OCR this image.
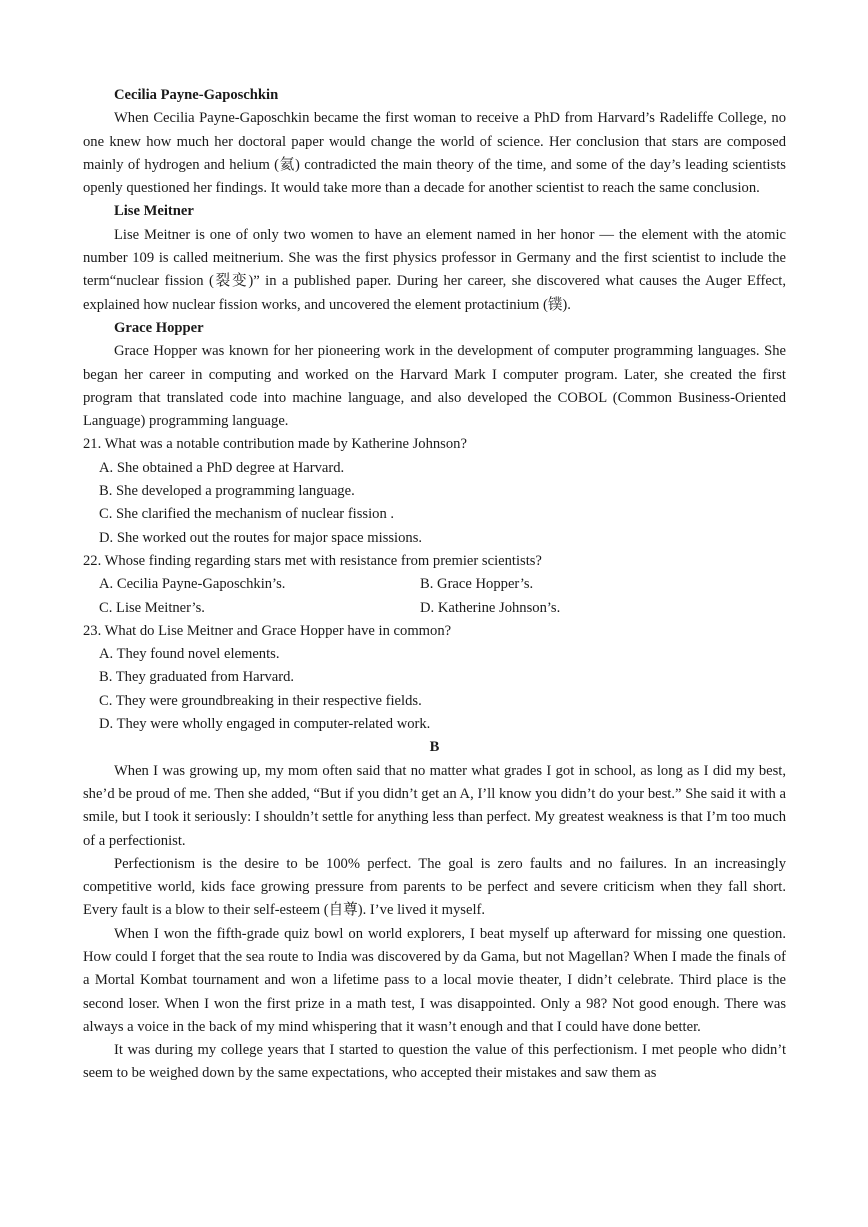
Cecilia Payne-Gaposchkin

When Cecilia Payne-Gaposchkin became the first woman to receive a PhD from Harvard’s Radeliffe College, no one knew how much her doctoral paper would change the world of science. Her conclusion that stars are composed mainly of hydrogen and helium (氦) contradicted the main theory of the time, and some of the day’s leading scientists openly questioned her findings. It would take more than a decade for another scientist to reach the same conclusion.

Lise Meitner

Lise Meitner is one of only two women to have an element named in her honor — the element with the atomic number 109 is called meitnerium. She was the first physics professor in Germany and the first scientist to include the term“nuclear fission (裂变)” in a published paper. During her career, she discovered what causes the Auger Effect, explained how nuclear fission works, and uncovered the element protactinium (镤).

Grace Hopper

Grace Hopper was known for her pioneering work in the development of computer programming languages. She began her career in computing and worked on the Harvard Mark I computer program. Later, she created the first program that translated code into machine language, and also developed the COBOL (Common Business-Oriented Language) programming language.

21. What was a notable contribution made by Katherine Johnson?

A. She obtained a PhD degree at Harvard.

B. She developed a programming language.

C. She clarified the mechanism of nuclear fission .

D. She worked out the routes for major space missions.

22. Whose finding regarding stars met with resistance from premier scientists?

A. Cecilia Payne-Gaposchkin’s.	B. Grace Hopper’s.
C. Lise Meitner’s.	D. Katherine Johnson’s.

23. What do Lise Meitner and Grace Hopper have in common?

A. They found novel elements.

B. They graduated from Harvard.

C. They were groundbreaking in their respective fields.

D. They were wholly engaged in computer-related work.

B

When I was growing up, my mom often said that no matter what grades I got in school, as long as I did my best, she’d be proud of me. Then she added, “But if you didn’t get an A, I’ll know you didn’t do your best.” She said it with a smile, but I took it seriously: I shouldn’t settle for anything less than perfect. My greatest weakness is that I’m too much of a perfectionist.

Perfectionism is the desire to be 100% perfect. The goal is zero faults and no failures. In an increasingly competitive world, kids face growing pressure from parents to be perfect and severe criticism when they fall short. Every fault is a blow to their self-esteem (自尊). I’ve lived it myself.

When I won the fifth-grade quiz bowl on world explorers, I beat myself up afterward for missing one question. How could I forget that the sea route to India was discovered by da Gama, but not Magellan? When I made the finals of a Mortal Kombat tournament and won a lifetime pass to a local movie theater, I didn’t celebrate. Third place is the second loser. When I won the first prize in a math test, I was disappointed. Only a 98? Not good enough. There was always a voice in the back of my mind whispering that it wasn’t enough and that I could have done better.

It was during my college years that I started to question the value of this perfectionism. I met people who didn’t seem to be weighed down by the same expectations, who accepted their mistakes and saw them as
